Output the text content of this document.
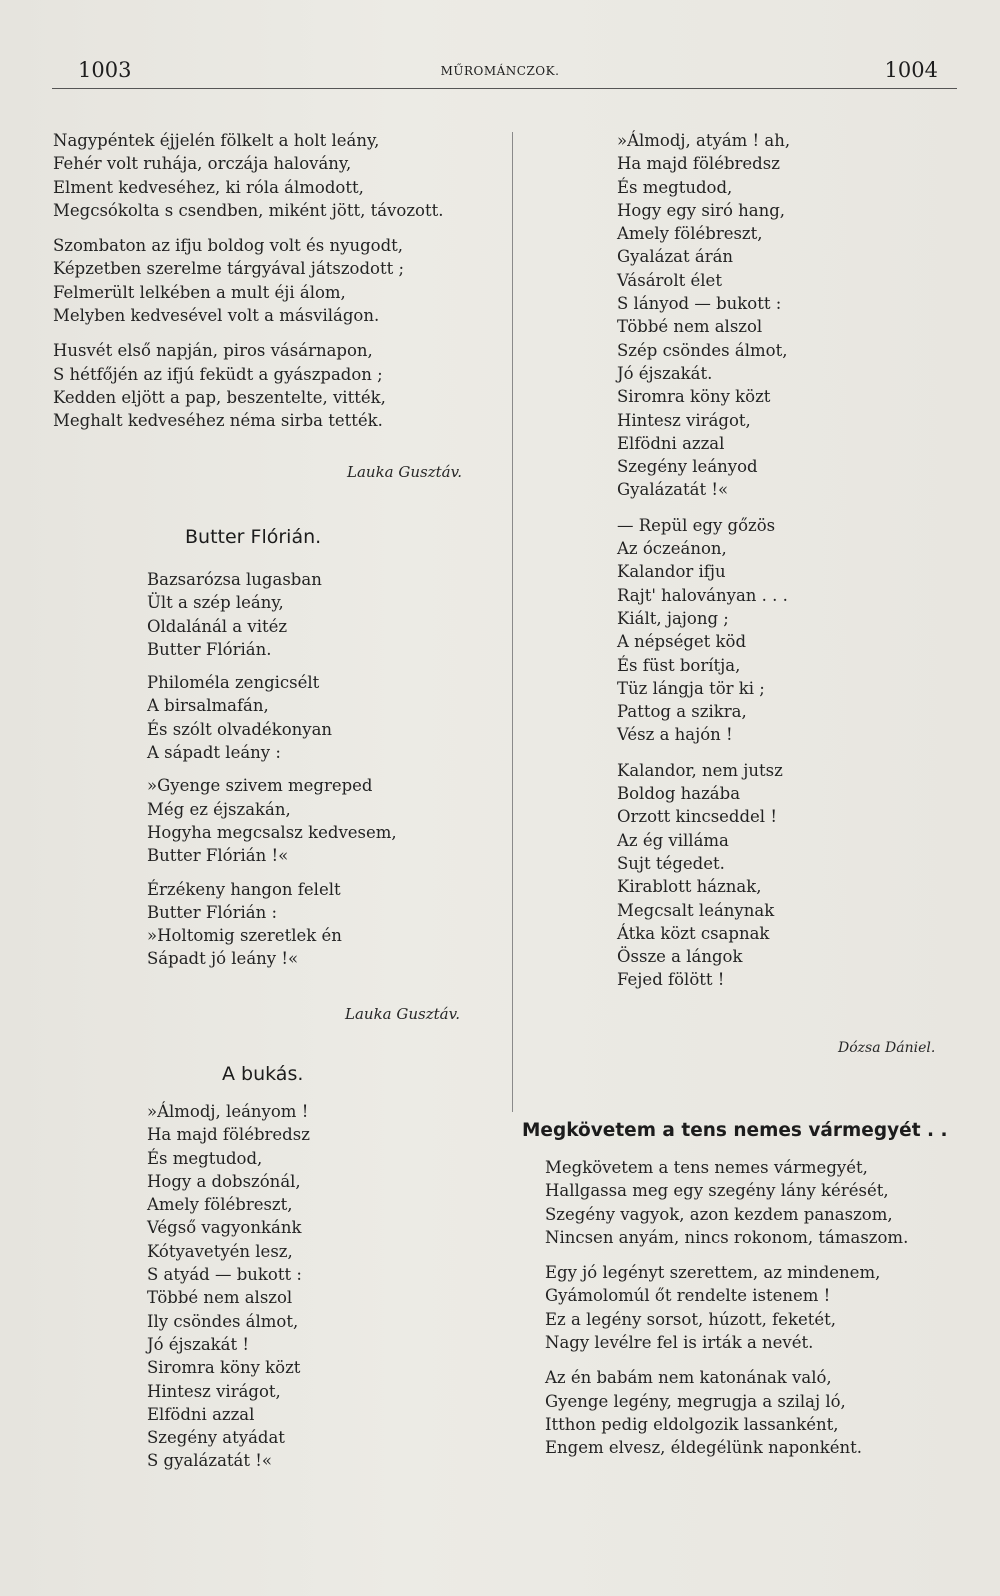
1003	MŰROMÁNCZOK.	1004
Nagypéntek éjjelén fölkelt a holt leány,
Fehér volt ruhája, orczája halovány,
Elment kedveséhez, ki róla álmodott,
Megcsókolta s csendben, miként jött, távozott.
Szombaton az ifju boldog volt és nyugodt,
Képzetben szerelme tárgyával játszodott ;
Felmerült lelkében a mult éji álom,
Melyben kedvesével volt a másvilágon.
Husvét első napján, piros vásárnapon,
S hétfőjén az ifjú feküdt a gyászpadon ;
Kedden eljött a pap, beszentelte, vitték,
Meghalt kedveséhez néma sirba tették.
Lauka Gusztáv.
Butter Flórián.
Bazsarózsa lugasban
Ült a szép leány,
Oldalánál a vitéz
Butter Flórián.
Philoméla zengicsélt
A birsalmafán,
És szólt olvadékonyan
A sápadt leány :
»Gyenge szivem megreped
Még ez éjszakán,
Hogyha megcsalsz kedvesem,
Butter Flórián !«
Érzékeny hangon felelt
Butter Flórián :
»Holtomig szeretlek én
Sápadt jó leány !«
Lauka Gusztáv.
A bukás.
»Álmodj, leányom !
Ha majd fölébredsz
És megtudod,
Hogy a dobszónál,
Amely fölébreszt,
Végső vagyonkánk
Kótyavetyén lesz,
S atyád — bukott :
Többé nem alszol
Ily csöndes álmot,
Jó éjszakát !
Siromra köny közt
Hintesz virágot,
Elfödni azzal
Szegény atyádat
S gyalázatát !«
»Álmodj, atyám ! ah,
Ha majd fölébredsz
És megtudod,
Hogy egy siró hang,
Amely fölébreszt,
Gyalázat árán
Vásárolt élet
S lányod — bukott :
Többé nem alszol
Szép csöndes álmot,
Jó éjszakát.
Siromra köny közt
Hintesz virágot,
Elfödni azzal
Szegény leányod
Gyalázatát !«
— Repül egy gőzös
Az óczeánon,
Kalandor ifju
Rajt' haloványan . . .
Kiált, jajong ;
A népséget köd
És füst borítja,
Tüz lángja tör ki ;
Pattog a szikra,
Vész a hajón !
Kalandor, nem jutsz
Boldog hazába
Orzott kincseddel !
Az ég villáma
Sujt tégedet.
Kirablott háznak,
Megcsalt leánynak
Átka közt csapnak
Össze a lángok
Fejed fölött !
Dózsa Dániel.
Megkövetem a tens nemes vármegyét . .
Megkövetem a tens nemes vármegyét,
Hallgassa meg egy szegény lány kérését,
Szegény vagyok, azon kezdem panaszom,
Nincsen anyám, nincs rokonom, támaszom.
Egy jó legényt szerettem, az mindenem,
Gyámolomúl őt rendelte istenem !
Ez a legény sorsot, húzott, feketét,
Nagy levélre fel is irták a nevét.
Az én babám nem katonának való,
Gyenge legény, megrugja a szilaj ló,
Itthon pedig eldolgozik lassanként,
Engem elvesz, éldegélünk naponként.
